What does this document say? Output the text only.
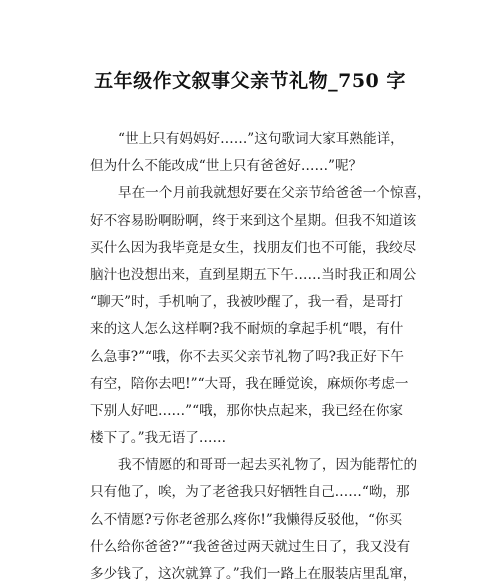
五年级作文叙事父亲节礼物_750 字
“世上只有妈妈好……”这句歌词大家耳熟能详，
但为什么不能改成“世上只有爸爸好……”呢？
早在一个月前我就想好要在父亲节给爸爸一个惊喜，
好不容易盼啊盼啊，终于来到这个星期。但我不知道该
买什么因为我毕竟是女生，找朋友们也不可能，我绞尽
脑汁也没想出来，直到星期五下午……当时我正和周公
“聊天”时，手机响了，我被吵醒了，我一看，是哥打
来的这人怎么这样啊?我不耐烦的拿起手机“喂，有什
么急事?”“哦，你不去买父亲节礼物了吗?我正好下午
有空，陪你去吧!”“大哥，我在睡觉诶，麻烦你考虑一
下别人好吧……”“哦，那你快点起来，我已经在你家
楼下了。”我无语了……
我不情愿的和哥哥一起去买礼物了，因为能帮忙的
只有他了，唉，为了老爸我只好牺牲自己……“呦，那
么不情愿?亏你老爸那么疼你!”我懒得反驳他，“你买
什么给你爸爸?”“我爸爸过两天就过生日了，我又没有
多少钱了，这次就算了。”我们一路上在服装店里乱窜，
